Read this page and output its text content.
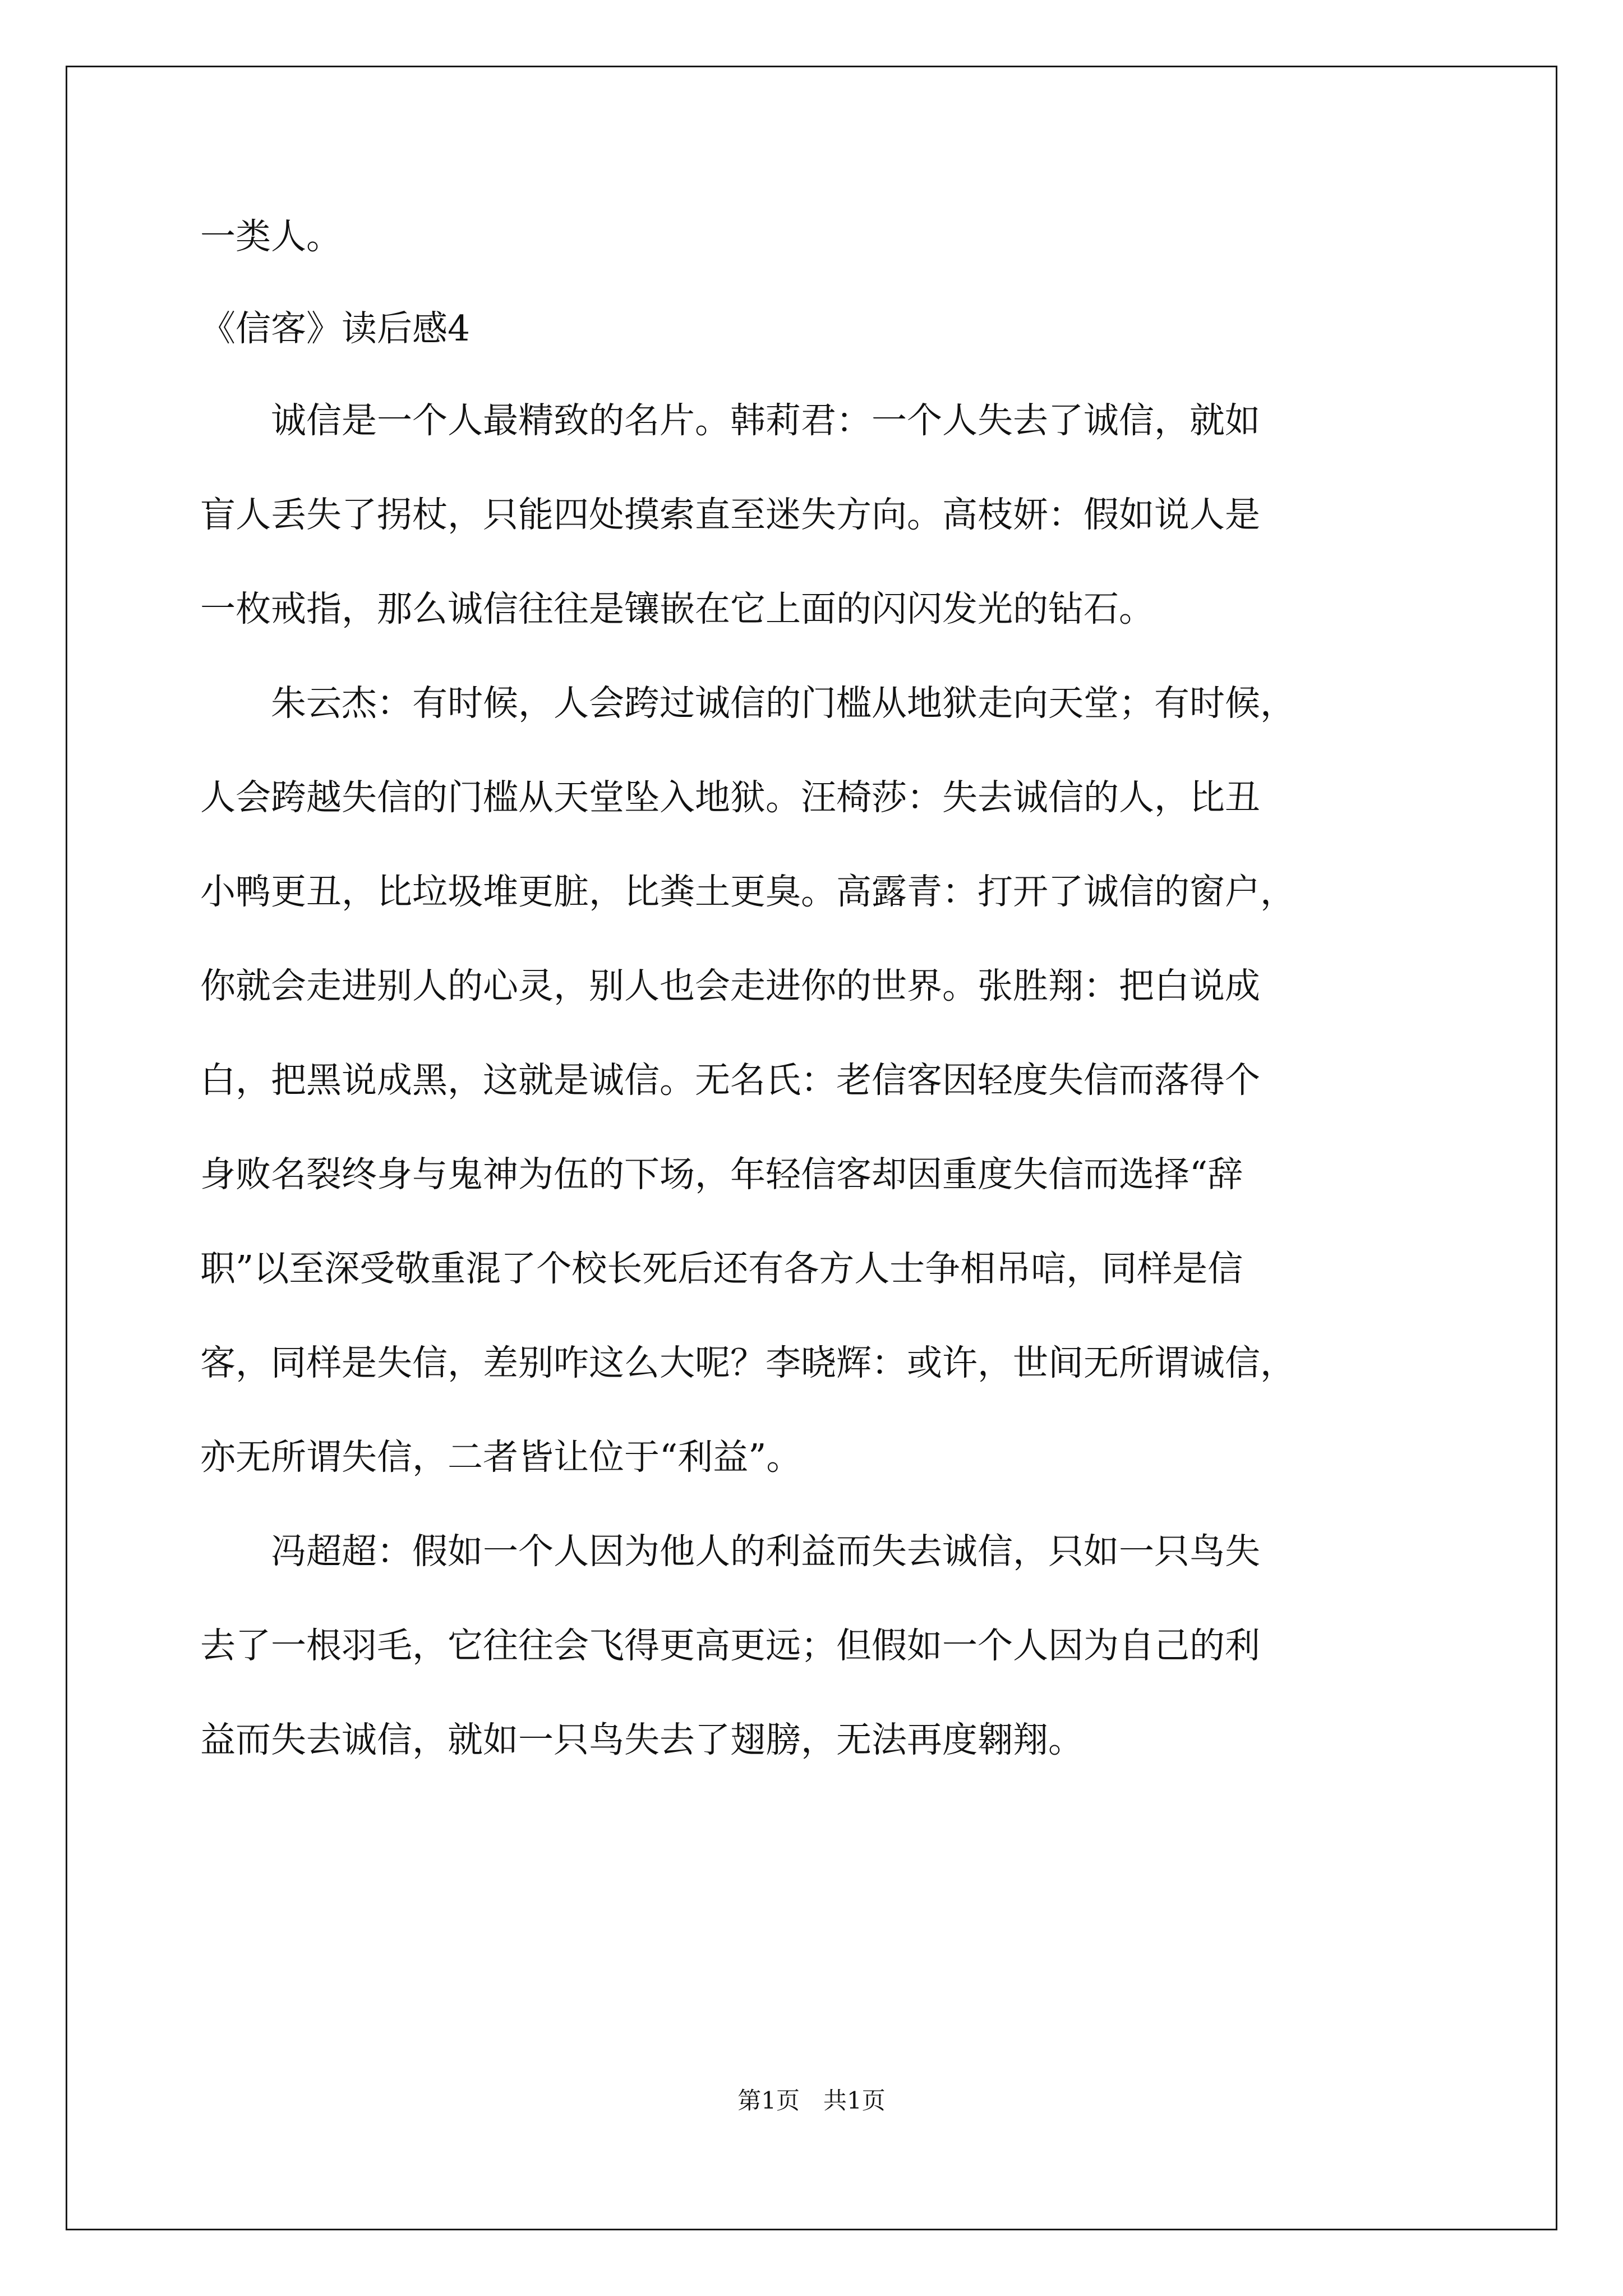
一类人。
《信客》读后感4
　　诚信是一个人最精致的名片。韩莉君：一个人失去了诚信，就如
盲人丢失了拐杖，只能四处摸索直至迷失方向。高枝妍：假如说人是
一枚戒指，那么诚信往往是镶嵌在它上面的闪闪发光的钻石。
　　朱云杰：有时候，人会跨过诚信的门槛从地狱走向天堂；有时候，
人会跨越失信的门槛从天堂坠入地狱。汪椅莎：失去诚信的人，比丑
小鸭更丑，比垃圾堆更脏，比粪土更臭。高露青：打开了诚信的窗户，
你就会走进别人的心灵，别人也会走进你的世界。张胜翔：把白说成
白，把黑说成黑，这就是诚信。无名氏：老信客因轻度失信而落得个
身败名裂终身与鬼神为伍的下场，年轻信客却因重度失信而选择“辞
职”以至深受敬重混了个校长死后还有各方人士争相吊唁，同样是信
客，同样是失信，差别咋这么大呢？李晓辉：或许，世间无所谓诚信，
亦无所谓失信，二者皆让位于“利益”。
　　冯超超：假如一个人因为他人的利益而失去诚信，只如一只鸟失
去了一根羽毛，它往往会飞得更高更远；但假如一个人因为自己的利
益而失去诚信，就如一只鸟失去了翅膀，无法再度翱翔。
第1页　共1页
